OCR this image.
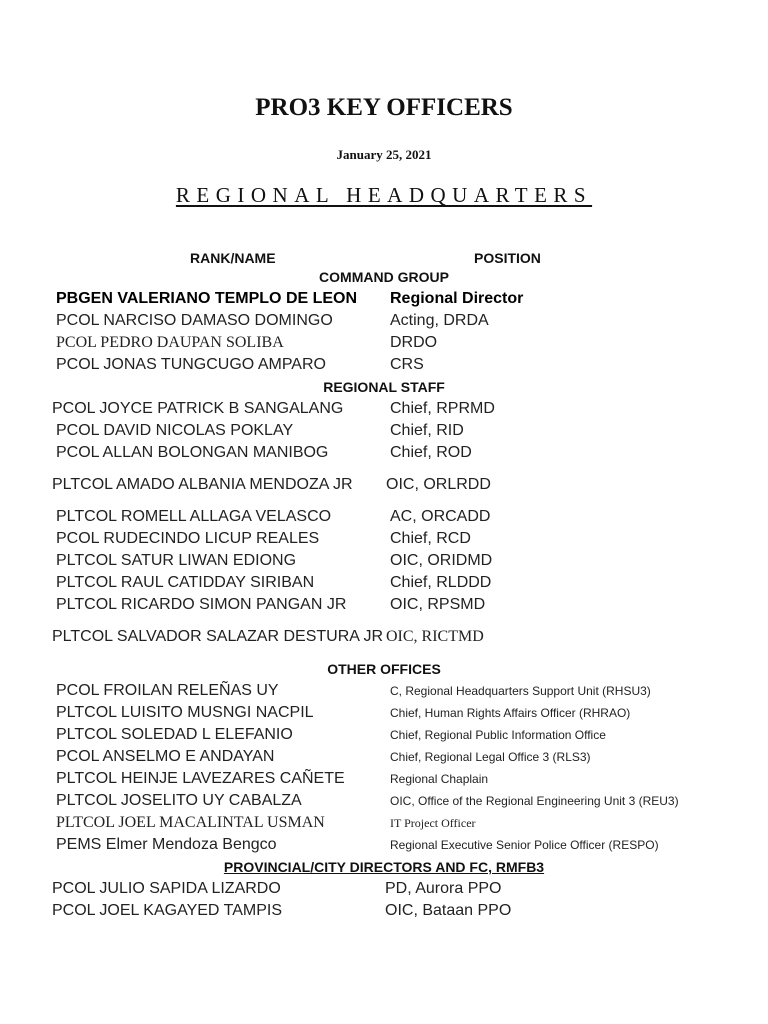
PRO3 KEY OFFICERS
January 25, 2021
REGIONAL HEADQUARTERS
RANK/NAME	POSITION
COMMAND GROUP
PBGEN VALERIANO TEMPLO DE LEON	Regional Director
PCOL NARCISO DAMASO DOMINGO	Acting, DRDA
PCOL PEDRO DAUPAN SOLIBA	DRDO
PCOL JONAS TUNGCUGO AMPARO	CRS
REGIONAL STAFF
PCOL JOYCE PATRICK B SANGALANG	Chief, RPRMD
PCOL DAVID NICOLAS POKLAY	Chief, RID
PCOL ALLAN BOLONGAN MANIBOG	Chief, ROD
PLTCOL AMADO ALBANIA MENDOZA JR	OIC, ORLRDD
PLTCOL ROMELL ALLAGA VELASCO	AC, ORCADD
PCOL RUDECINDO LICUP REALES	Chief, RCD
PLTCOL SATUR LIWAN EDIONG	OIC, ORIDMD
PLTCOL RAUL CATIDDAY SIRIBAN	Chief, RLDDD
PLTCOL RICARDO SIMON PANGAN JR	OIC, RPSMD
PLTCOL SALVADOR SALAZAR DESTURA JR OIC, RICTMD
OTHER OFFICES
PCOL FROILAN RELEÑAS UY	C, Regional Headquarters Support Unit (RHSU3)
PLTCOL LUISITO MUSNGI NACPIL	Chief, Human Rights Affairs Officer (RHRAO)
PLTCOL SOLEDAD L ELEFANIO	Chief, Regional Public Information Office
PCOL ANSELMO E ANDAYAN	Chief, Regional Legal Office 3 (RLS3)
PLTCOL HEINJE LAVEZARES CAÑETE	Regional Chaplain
PLTCOL JOSELITO UY CABALZA	OIC, Office of the Regional Engineering Unit 3 (REU3)
PLTCOL JOEL MACALINTAL USMAN	IT Project Officer
PEMS Elmer Mendoza Bengco	Regional Executive Senior Police Officer (RESPO)
PROVINCIAL/CITY DIRECTORS AND FC, RMFB3
PCOL JULIO SAPIDA LIZARDO	PD, Aurora PPO
PCOL JOEL KAGAYED TAMPIS	OIC, Bataan PPO
